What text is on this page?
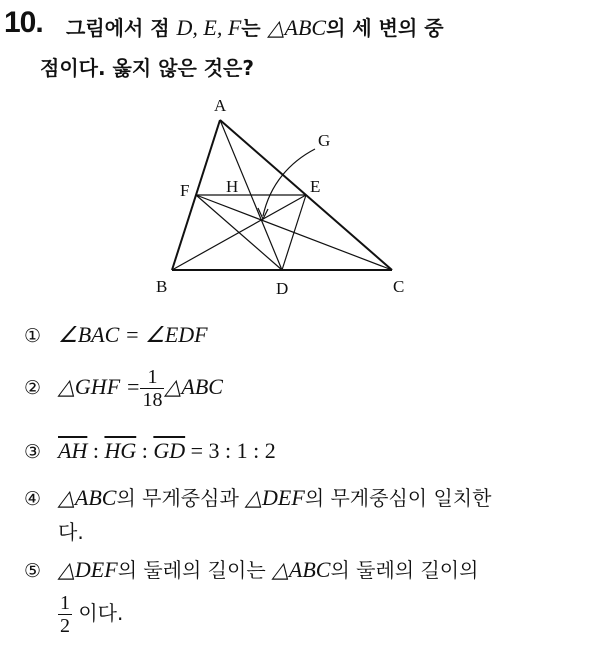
10. 그림에서 점 D, E, F는 △ABC의 세 변의 중
점이다. 옳지 않은 것은?
A
B	C
D
E
F
G
H
① ∠BAC = ∠EDF
② △GHF = $\frac{1}{18}$ △ABC
③ $\overline{AH}$ : $\overline{HG}$ : $\overline{GD} = 3$ : 1 : 2
④ △ABC의 무게중심과 △DEF의 무게중심이 일치한
다.
⑤ △DEF의 둘레의 길이는 △ABC의 둘레의 길이의
$\frac{1}{2}$ 이다.
